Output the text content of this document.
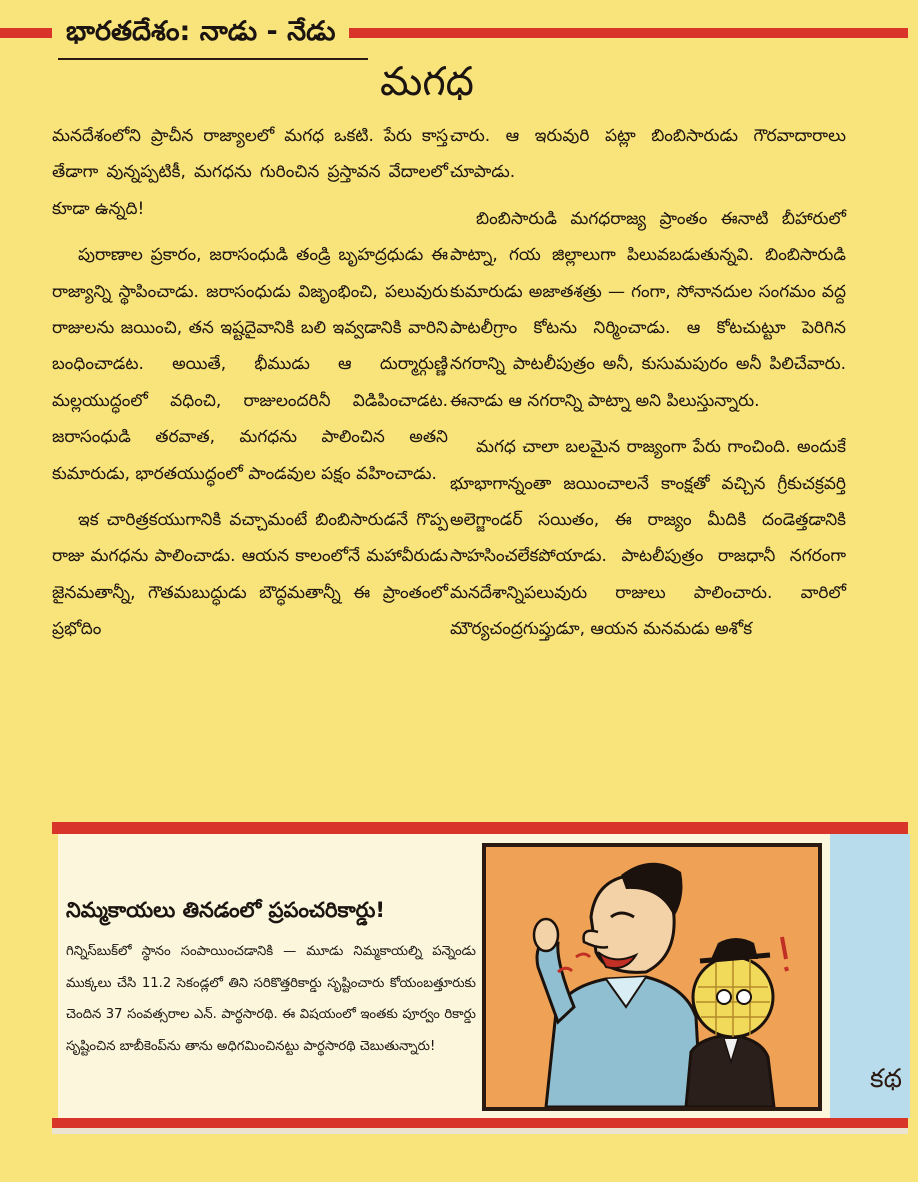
భారతదేశం: నాడు - నేడు
మగధ

మనదేశంలోని ప్రాచీన రాజ్యాలలో మగధ ఒకటి. పేరు కాస్త తేడాగా వున్నప్పటికీ, మగధను గురించిన ప్రస్తావన వేదాలలో కూడా ఉన్నది!

పురాణాల ప్రకారం, జరాసంధుడి తండ్రి బృహద్రధుడు ఈ రాజ్యాన్ని స్థాపించాడు. జరాసంధుడు విజృంభించి, పలువురు రాజులను జయించి, తన ఇష్టదైవానికి బలి ఇవ్వడానికి వారిని బంధించాడట. అయితే, భీముడు ఆ దుర్మార్గుణ్ణి మల్లయుద్ధంలో వధించి, రాజులందరినీ విడిపించాడట. జరాసంధుడి తరవాత, మగధను పాలించిన అతని కుమారుడు, భారతయుద్ధంలో పాండవుల పక్షం వహించాడు.

ఇక చారిత్రకయుగానికి వచ్చామంటే బింబిసారుడనే గొప్ప రాజు మగధను పాలించాడు. ఆయన కాలంలోనే మహావీరుడు జైనమతాన్నీ, గౌతమబుద్ధుడు బౌద్ధమతాన్నీ ఈ ప్రాంతంలో ప్రభోదిం

చారు. ఆ ఇరువురి పట్లా బింబిసారుడు గౌరవాదారాలు చూపాడు.

బింబిసారుడి మగధరాజ్య ప్రాంతం ఈనాటి బీహారులో పాట్నా, గయ జిల్లాలుగా పిలువబడుతున్నవి. బింబిసారుడి కుమారుడు అజాతశత్రు — గంగా, సోనానదుల సంగమం వద్ద పాటలీగ్రాం కోటను నిర్మించాడు. ఆ కోటచుట్టూ పెరిగిన నగరాన్ని పాటలీపుత్రం అనీ, కుసుమపురం అనీ పిలిచేవారు. ఈనాడు ఆ నగరాన్ని పాట్నా అని పిలుస్తున్నారు.

మగధ చాలా బలమైన రాజ్యంగా పేరు గాంచింది. అందుకే భూభాగాన్నంతా జయించాలనే కాంక్షతో వచ్చిన గ్రీకుచక్రవర్తి అలెగ్జాండర్ సయితం, ఈ రాజ్యం మీదికి దండెత్తడానికి సాహసించలేకపోయాడు. పాటలీపుత్రం రాజధానీ నగరంగా మనదేశాన్నిపలువురు రాజులు పాలించారు. వారిలో మౌర్యచంద్రగుప్తుడూ, ఆయన మనమడు అశోక

కథ
నిమ్మకాయలు తినడంలో ప్రపంచరికార్డు!
గిన్నిస్‌బుక్‌లో స్థానం సంపాయించడానికి — మూడు నిమ్మకాయల్ని పన్నెండు ముక్కలు చేసి 11.2 సెకండ్లలో తిని సరికొత్తరికార్డు సృష్టించారు కోయంబత్తూరుకు చెందిన 37 సంవత్సరాల ఎన్. పార్థసారథి. ఈ విషయంలో ఇంతకు పూర్వం రికార్డు సృష్టించిన బాబీకెంప్‌ను తాను అధిగమించినట్టు పార్థసారథి చెబుతున్నారు!
